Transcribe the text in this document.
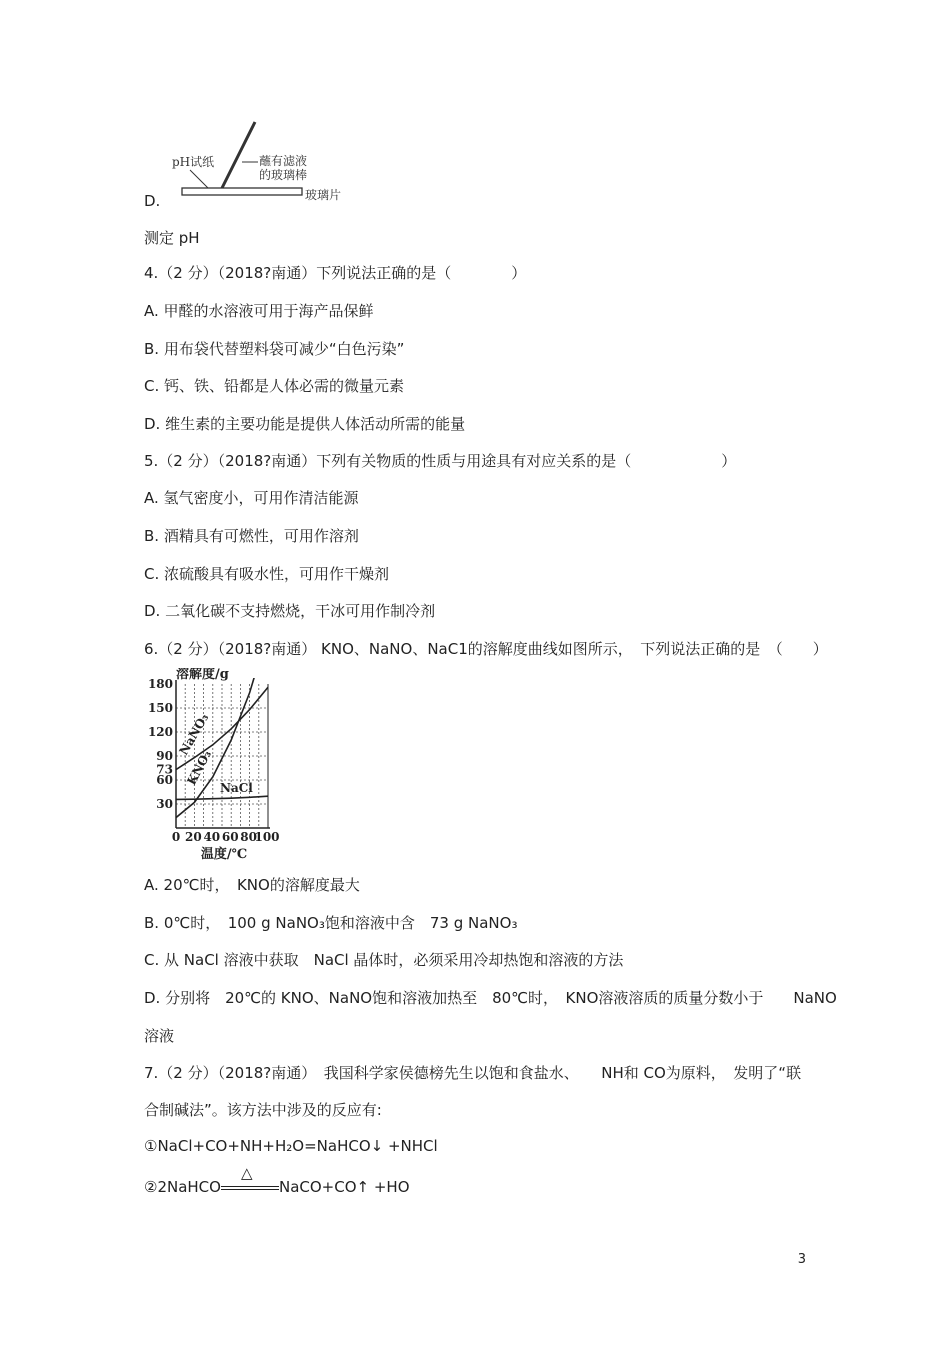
pH试纸	蘸有滤液
的玻璃棒
玻璃片
D.
测定 pH
4.（2 分）（2018?南通）下列说法正确的是（　　　　）
A. 甲醛的水溶液可用于海产品保鲜
B. 用布袋代替塑料袋可减少“白色污染”
C. 钙、铁、铅都是人体必需的微量元素
D. 维生素的主要功能是提供人体活动所需的能量
5.（2 分）（2018?南通）下列有关物质的性质与用途具有对应关系的是（　　　　　　）
A. 氢气密度小，可用作清洁能源
B. 酒精具有可燃性，可用作溶剂
C. 浓硫酸具有吸水性，可用作干燥剂
D. 二氧化碳不支持燃烧，干冰可用作制冷剂
6.（2 分）（2018?南通） KNO、NaNO、NaC1的溶解度曲线如图所示，　下列说法正确的是　（　　）
180
150
120
90
73
60
30
0 20 40 60 80
100
溶解度/g
温度/℃
NaNO₃
KNO₃
NaCl
A. 20℃时，　KNO的溶解度最大
B. 0℃时，　100 g NaNO₃饱和溶液中含　73 g NaNO₃
C. 从 NaCl 溶液中获取　NaCl 晶体时，必须采用冷却热饱和溶液的方法
D. 分别将　20℃的 KNO、NaNO饱和溶液加热至　80℃时，　KNO溶液溶质的质量分数小于　　NaNO
溶液
7.（2 分）（2018?南通）　我国科学家侯德榜先生以饱和食盐水、　　NH和 CO为原料，　发明了“联
合制碱法”。该方法中涉及的反应有:
①NaCl+CO+NH+H₂O=NaHCO↓ +NHCl
②2NaHCO
△
NaCO+CO↑ +HO
3
